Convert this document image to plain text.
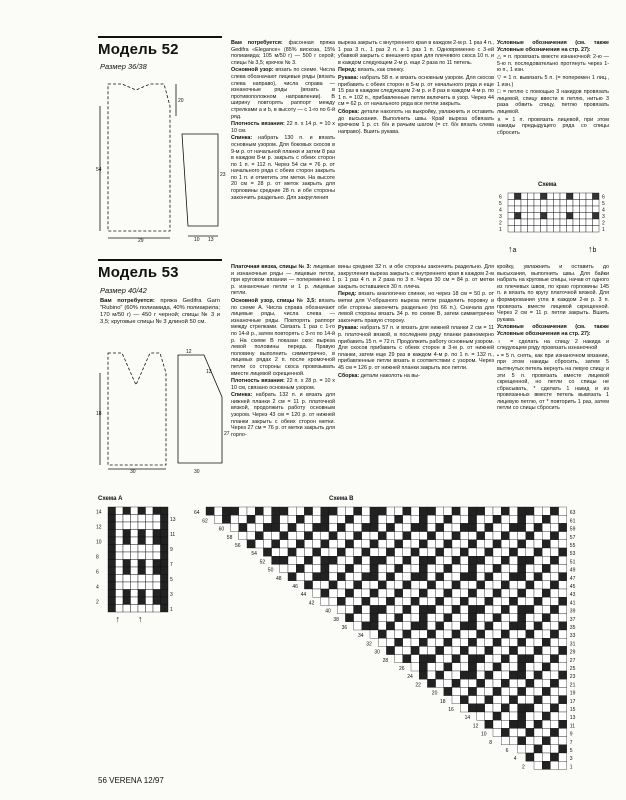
Модель 52
Размер 36/38
29
54
20
10 13
23

Вам потребуется: фасонная пряжа Gedifra «Elegance» (85% вискоза, 15% полиамида; 105 м/50 г) — 500 г серой; спицы № 3,5; крючок № 3.

Основной узор: вязать по схеме. Числа слева обозначают лицевые ряды (вязать слева направо), числа справа — изнаночные ряды (вязать в противоположном направлении). В ширину повторять раппорт между стрелками a и b, в высоту — с 1-го по 6-й ряд.

Плотность вязания: 22 п. x 14 р. = 10 x 10 см.

Спинка: набрать 130 п. и вязать основным узором. Для боковых скосов в 9-м р. от начальной планки и затем 8 раз в каждом 8-м р. закрыть с обеих сторон по 1 п. = 112 п. Через 54 см = 76 р. от начального ряда с обеих сторон закрыть по 1 п. и отметить эти метки. На высоте 20 см = 28 р. от меток закрыть для горловины средние 28 п. и обе стороны закончить раздельно. Для закругления

выреза закрыть с внутреннего края в каждом 2-м р. 1 раз 4 п., 1 раз 3 п., 1 раз 2 п. и 1 раз 1 п. Одновременно с 3-ей убавкой закрыть с внешнего края для плечевого скоса 10 п. и в каждом следующем 2-м р. еще 2 раза по 11 петель.

Перед: вязать, как спинку.

Рукава: набрать 58 п. и вязать основным узором. Для скосов прибавить с обеих сторон в 5-м р. от начального ряда и еще 15 раз в каждом следующем 2-м р. и 8 раз в каждом 4-м р. по 1 п. = 102 п., прибавленные петли включить в узор. Через 44 см = 62 р. от начального ряда все петли закрыть.

Сборка: детали наколоть на выкройку, увлажнить и оставить до высыхания. Выполнить швы. Край выреза обвязать крючком 1 р. ст. б/н и рачьим шагом (= ст. б/н вязать слева направо). Вшить рукава.

Условные обозначения (см. также Условные обозначения на стр. 27):

△ = п. провязать вместе изнаночной: 2-ю — 5-ю п. последовательно протянуть через 1-ю п., 1 изн.

▽ = 1 п. вывязать 5 п. (= поперемен 1 лиц., 1 изн.)

□ = петлю с помощью 3 накидов провязать лицевой, спицу ввести в петлю, нитью 3 раза обвить спицу, петлю провязать лицевой.

∧ = 1 п. провязать лицевой, при этом накиды предыдущего ряда со спицы сбросить

Схема
6	6
5	5
4	4
3	3
2	2
1	1
↑a	↑b
Модель 53
Размер 40/42

Вам потребуется: пряжа Gedifra Garn "Rubino" (60% полиамида, 40% полиакрила; 170 м/50 г) — 450 г черной; спицы № 3 и 3,5; круговые спицы № 3 длиной 50 см.

30
18
12
13
30
27

Платочная вязка, спицы № 3: лицевые и изнаночные ряды — лицевые петли, при круговом вязании — попеременно 1 р. изнаночные петли и 1 р. лицевые петли.

Основной узор, спицы № 3,5: вязать по схеме A. Числа справа обозначают лицевые ряды, числа слева — изнаночные ряды. Повторять раппорт между стрелками. Связать 1 раз с 1-го по 14-й р., затем повторять с 3-го по 14-й р. На схеме B показан скос выреза левой половины переда. Правую половину выполнить симметрично, в лицевых рядах 2 п. после кромочной петли со стороны скоса провязывать вместе лицевой скрещенной.

Плотность вязания: 22 п. x 28 р. = 10 x 10 см, связано основным узором.

Спинка: набрать 132 п. и вязать для нижней планки 2 см = 11 р. платочной вязкой, продолжить работу основным узором. Через 43 см = 120 р. от нижней планки закрыть с обеих сторон метки. Через 27 см = 76 р. от метки закрыть для горло-

вины средние 32 п. и обе стороны закончить раздельно. Для закругления выреза закрыть с внутреннего края в каждом 2-м р. 1 раз 4 п. и 2 раза по 3 п. Через 30 см = 84 р. от метки закрыть оставшиеся 30 п. плеча.

Перед: вязать аналогично спинке, но через 18 см = 50 р. от метки для V-образного выреза петли разделить поровну и обе стороны закончить раздельно (по 66 п.). Сначала для левой стороны вязать 34 р. по схеме B, затем симметрично закончить правую сторону.

Рукава: набрать 57 п. и вязать для нижней планки 2 см = 11 р. платочной вязкой, в последнем ряду планки равномерно прибавить 15 п. = 72 п. Продолжить работу основным узором. Для скосов прибавить с обеих сторон в 3-м р. от нижней планки, затем еще 29 раз в каждом 4-м р. по 1 п. = 132 п., прибавленные петли вязать в соответствии с узором. Через 45 см = 126 р. от нижней планки закрыть все петли.

Сборка: детали наколоть на вы-

кройку, увлажнить и оставить до высыхания, выполнить швы. Для байки набрать на круговые спицы, начав от одного из плечевых швов, по краю горловины 145 п. и вязать по кругу платочной вязкой. Для формирования угла в каждом 2-м р. 3 п. провязать вместе лицевой скрещенной. Через 2 см = 11 р. петли закрыть. Вшить рукава.

Условные обозначения (см. также Условные обозначения на стр. 27):

♀ = сделать на спицу 2 накида и следующем ряду провязать изнаночной

• = 5 п. снять, как при изнаночном вязании, при этом накиды сбросить, затем 5 вытянутых петель вернуть на левую спицу и эти 5 п. провязать вместе лицевой скрещенной, но петли со спицы не сбрасывать, * сделать 1 накид и из провязанных вместе петель вывязать 1 лицевую петлю, от * повторить 1 раз, затем петли со спицы сбросить

Схема A
14
13
12
11
10
9
8
7
6
5
4
3
2
1
↑ ↑
Схема B
64	63
62	61
60	59
58	57
56	55
54	53
52	51
50	49
48	47
46	45
44	43
42	41
40	39
38	37
36	35
34	33
32	31
30	29
28	27
26	25
24	23
22	21
20	19
18	17
16	15
14	13
12	11
10	9
8	7
6	5
4	3
2	1
56 VERENA 12/97
